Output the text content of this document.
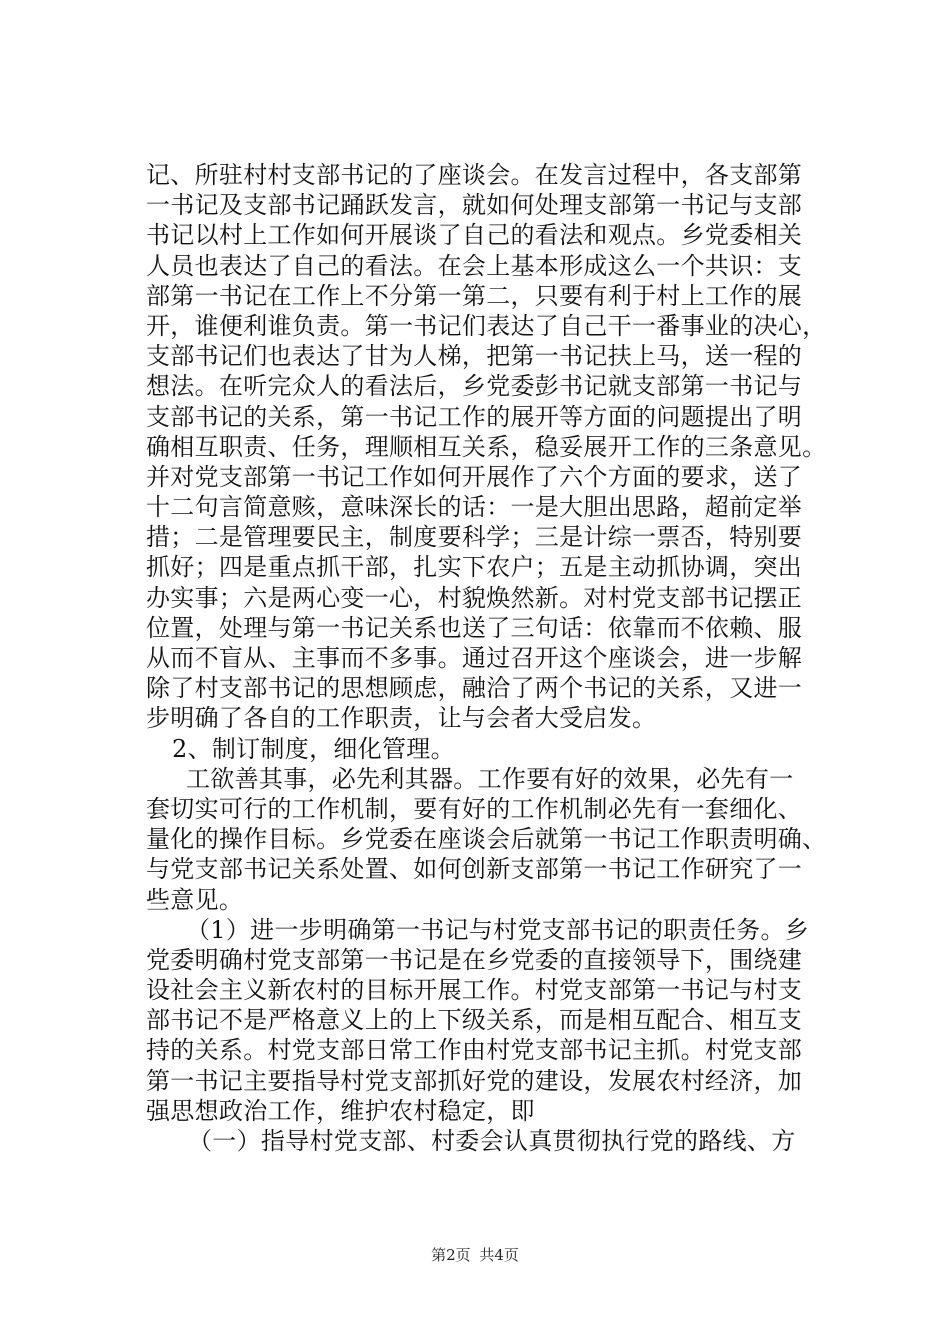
记、所驻村村支部书记的了座谈会。在发言过程中，各支部第
一书记及支部书记踊跃发言，就如何处理支部第一书记与支部
书记以村上工作如何开展谈了自己的看法和观点。乡党委相关
人员也表达了自己的看法。在会上基本形成这么一个共识：支
部第一书记在工作上不分第一第二，只要有利于村上工作的展
开，谁便利谁负责。第一书记们表达了自己干一番事业的决心，
支部书记们也表达了甘为人梯，把第一书记扶上马，送一程的
想法。在听完众人的看法后，乡党委彭书记就支部第一书记与
支部书记的关系，第一书记工作的展开等方面的问题提出了明
确相互职责、任务，理顺相互关系，稳妥展开工作的三条意见。
并对党支部第一书记工作如何开展作了六个方面的要求，送了
十二句言简意赅，意味深长的话：一是大胆出思路，超前定举
措；二是管理要民主，制度要科学；三是计综一票否，特别要
抓好；四是重点抓干部，扎实下农户；五是主动抓协调，突出
办实事；六是两心变一心，村貌焕然新。对村党支部书记摆正
位置，处理与第一书记关系也送了三句话：依靠而不依赖、服
从而不盲从、主事而不多事。通过召开这个座谈会，进一步解
除了村支部书记的思想顾虑，融洽了两个书记的关系，又进一
步明确了各自的工作职责，让与会者大受启发。
2、制订制度，细化管理。
工欲善其事，必先利其器。工作要有好的效果，必先有一
套切实可行的工作机制，要有好的工作机制必先有一套细化、
量化的操作目标。乡党委在座谈会后就第一书记工作职责明确、
与党支部书记关系处置、如何创新支部第一书记工作研究了一
些意见。
（1）进一步明确第一书记与村党支部书记的职责任务。乡
党委明确村党支部第一书记是在乡党委的直接领导下，围绕建
设社会主义新农村的目标开展工作。村党支部第一书记与村支
部书记不是严格意义上的上下级关系，而是相互配合、相互支
持的关系。村党支部日常工作由村党支部书记主抓。村党支部
第一书记主要指导村党支部抓好党的建设，发展农村经济，加
强思想政治工作，维护农村稳定，即
（一）指导村党支部、村委会认真贯彻执行党的路线、方
第2页 共4页
